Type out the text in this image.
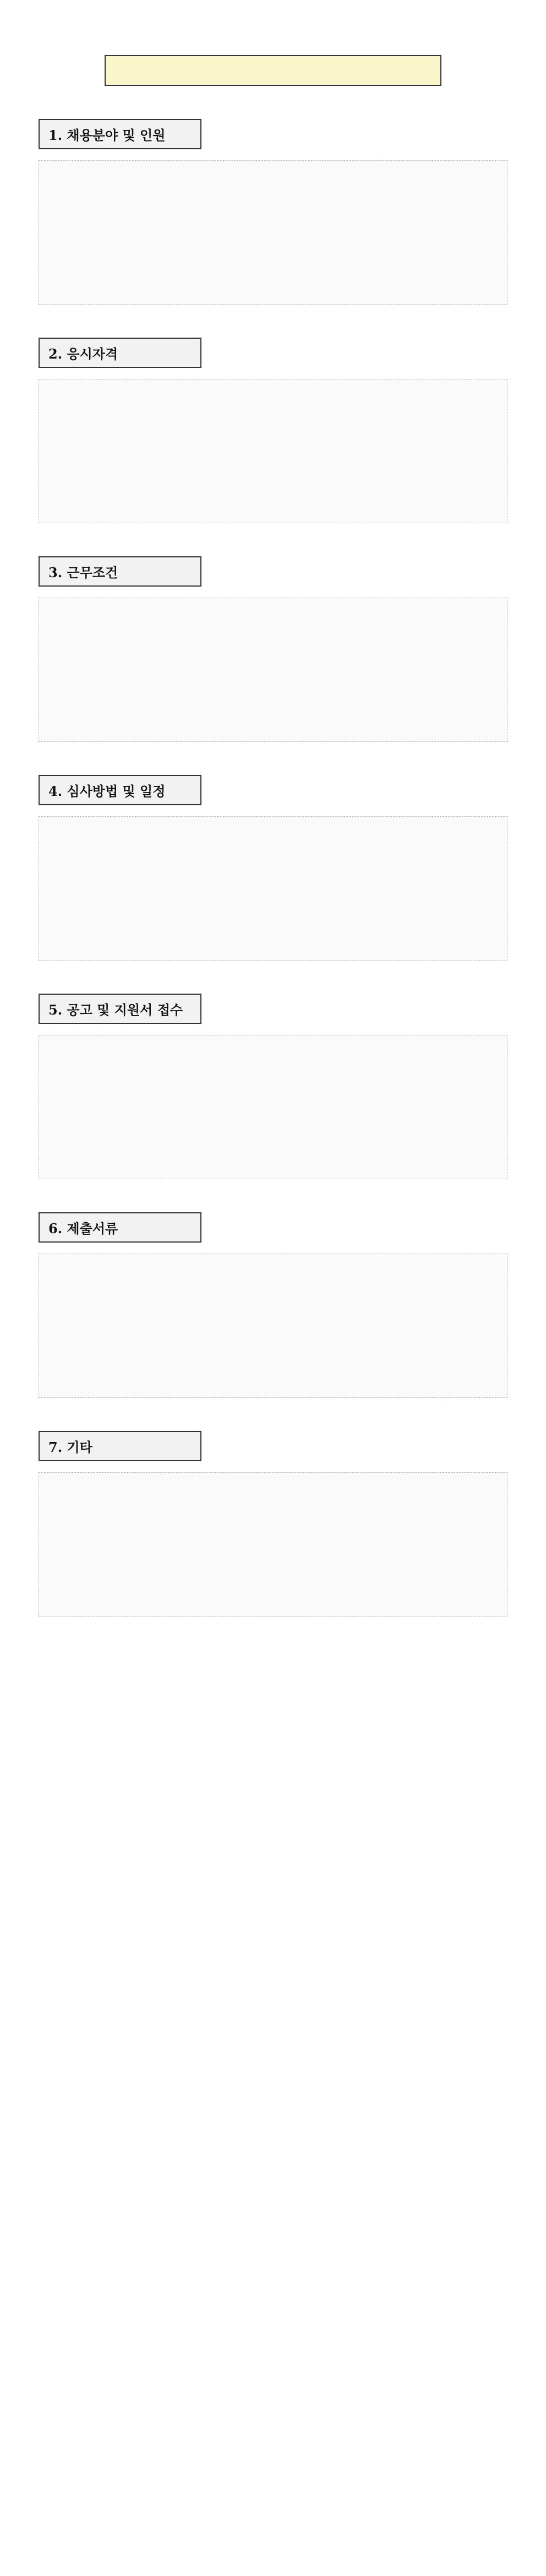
1. 채용분야 및 인원
2. 응시자격
3. 근무조건
4. 심사방법 및 일정
5. 공고 및 지원서 접수
6. 제출서류
7. 기타
